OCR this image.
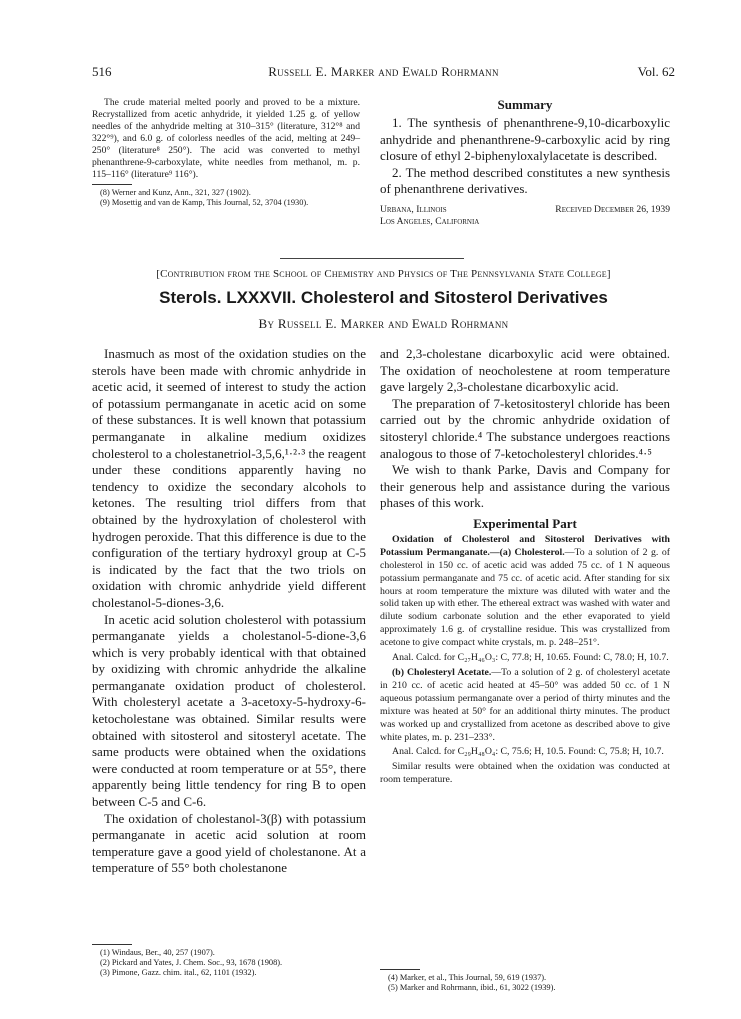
516	Russell E. Marker and Ewald Rohrmann	Vol. 62

The crude material melted poorly and proved to be a mixture. Recrystallized from acetic anhydride, it yielded 1.25 g. of yellow needles of the anhydride melting at 310–315° (literature, 312°⁸ and 322°⁹), and 6.0 g. of colorless needles of the acid, melting at 249–250° (literature⁸ 250°). The acid was converted to methyl phenanthrene-9-carboxylate, white needles from methanol, m. p. 115–116° (literature⁹ 116°).

(8) Werner and Kunz, Ann., 321, 327 (1902).
(9) Mosettig and van de Kamp, This Journal, 52, 3704 (1930).
Summary

1. The synthesis of phenanthrene-9,10-dicarboxylic anhydride and phenanthrene-9-carboxylic acid by ring closure of ethyl 2-biphenyloxalylacetate is described.

2. The method described constitutes a new synthesis of phenanthrene derivatives.

Urbana, Illinois	Received December 26, 1939
Los Angeles, California
[Contribution from the School of Chemistry and Physics of The Pennsylvania State College]
Sterols. LXXXVII. Cholesterol and Sitosterol Derivatives
By Russell E. Marker and Ewald Rohrmann

Inasmuch as most of the oxidation studies on the sterols have been made with chromic anhydride in acetic acid, it seemed of interest to study the action of potassium permanganate in acetic acid on some of these substances. It is well known that potassium permanganate in alkaline medium oxidizes cholesterol to a cholestanetriol-3,5,6,¹·²·³ the reagent under these conditions apparently having no tendency to oxidize the secondary alcohols to ketones. The resulting triol differs from that obtained by the hydroxylation of cholesterol with hydrogen peroxide. That this difference is due to the configuration of the tertiary hydroxyl group at C-5 is indicated by the fact that the two triols on oxidation with chromic anhydride yield different cholestanol-5-diones-3,6.

In acetic acid solution cholesterol with potassium permanganate yields a cholestanol-5-dione-3,6 which is very probably identical with that obtained by oxidizing with chromic anhydride the alkaline permanganate oxidation product of cholesterol. With cholesteryl acetate a 3-acetoxy-5-hydroxy-6-ketocholestane was obtained. Similar results were obtained with sitosterol and sitosteryl acetate. The same products were obtained when the oxidations were conducted at room temperature or at 55°, there apparently being little tendency for ring B to open between C-5 and C-6.

The oxidation of cholestanol-3(β) with potassium permanganate in acetic acid solution at room temperature gave a good yield of cholestanone. At a temperature of 55° both cholestanone

(1) Windaus, Ber., 40, 257 (1907).
(2) Pickard and Yates, J. Chem. Soc., 93, 1678 (1908).
(3) Pimone, Gazz. chim. ital., 62, 1101 (1932).

and 2,3-cholestane dicarboxylic acid were obtained. The oxidation of neocholestene at room temperature gave largely 2,3-cholestane dicarboxylic acid.

The preparation of 7-ketositosteryl chloride has been carried out by the chromic anhydride oxidation of sitosteryl chloride.⁴ The substance undergoes reactions analogous to those of 7-ketocholesteryl chlorides.⁴·⁵

We wish to thank Parke, Davis and Company for their generous help and assistance during the various phases of this work.

Experimental Part

Oxidation of Cholesterol and Sitosterol Derivatives with Potassium Permanganate.—(a) Cholesterol.—To a solution of 2 g. of cholesterol in 150 cc. of acetic acid was added 75 cc. of 1 N aqueous potassium permanganate and 75 cc. of acetic acid. After standing for six hours at room temperature the mixture was diluted with water and the solid taken up with ether. The ethereal extract was washed with water and dilute sodium carbonate solution and the ether evaporated to yield approximately 1.6 g. of crystalline residue. This was crystallized from acetone to give compact white crystals, m. p. 248–251°.

Anal. Calcd. for C₂₇H₄₆O₃: C, 77.8; H, 10.65. Found: C, 78.0; H, 10.7.

(b) Cholesteryl Acetate.—To a solution of 2 g. of cholesteryl acetate in 210 cc. of acetic acid heated at 45–50° was added 50 cc. of 1 N aqueous potassium permanganate over a period of thirty minutes and the mixture was heated at 50° for an additional thirty minutes. The product was worked up and crystallized from acetone as described above to give white plates, m. p. 231–233°.

Anal. Calcd. for C₂₉H₄₈O₄: C, 75.6; H, 10.5. Found: C, 75.8; H, 10.7.

Similar results were obtained when the oxidation was conducted at room temperature.

(4) Marker, et al., This Journal, 59, 619 (1937).
(5) Marker and Rohrmann, ibid., 61, 3022 (1939).
